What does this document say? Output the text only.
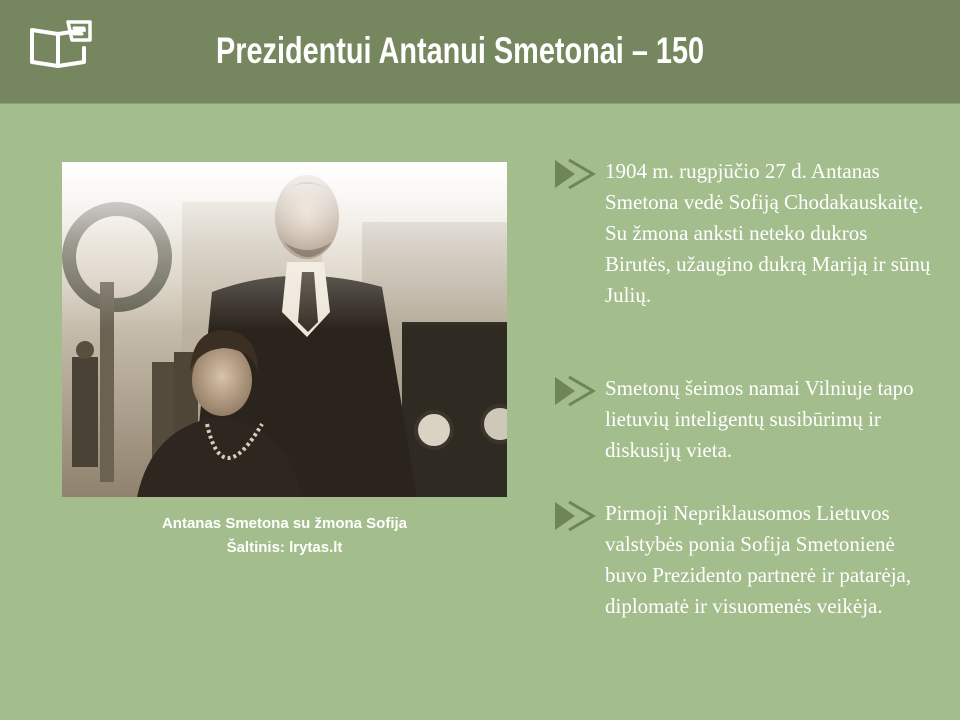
Prezidentui Antanui Smetonai – 150
Antanas Smetona su žmona Sofija
Šaltinis: lrytas.lt
1904 m. rugpjūčio 27 d. Antanas Smetona vedė Sofiją Chodakauskaitę. Su žmona anksti neteko dukros Birutės, užaugino dukrą Mariją ir sūnų Julių.
Smetonų šeimos namai Vilniuje tapo lietuvių inteligentų susibūrimų ir diskusijų vieta.
Pirmoji Nepriklausomos Lietuvos valstybės ponia Sofija Smetonienė buvo Prezidento partnerė ir patarėja, diplomatė ir visuomenės veikėja.
